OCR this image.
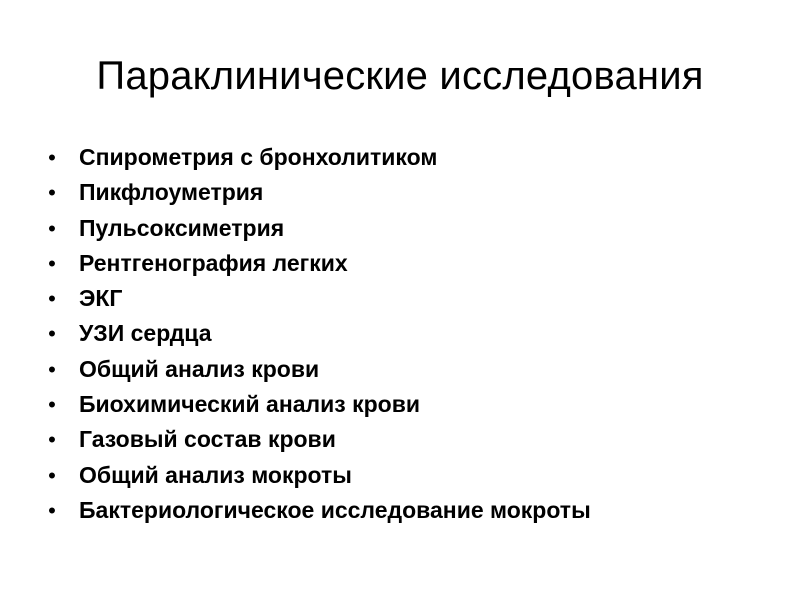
Параклинические исследования
• Спирометрия с бронхолитиком
• Пикфлоуметрия
• Пульсоксиметрия
• Рентгенография легких
• ЭКГ
• УЗИ сердца
• Общий анализ крови
• Биохимический анализ крови
• Газовый состав крови
• Общий анализ мокроты
• Бактериологическое исследование мокроты
